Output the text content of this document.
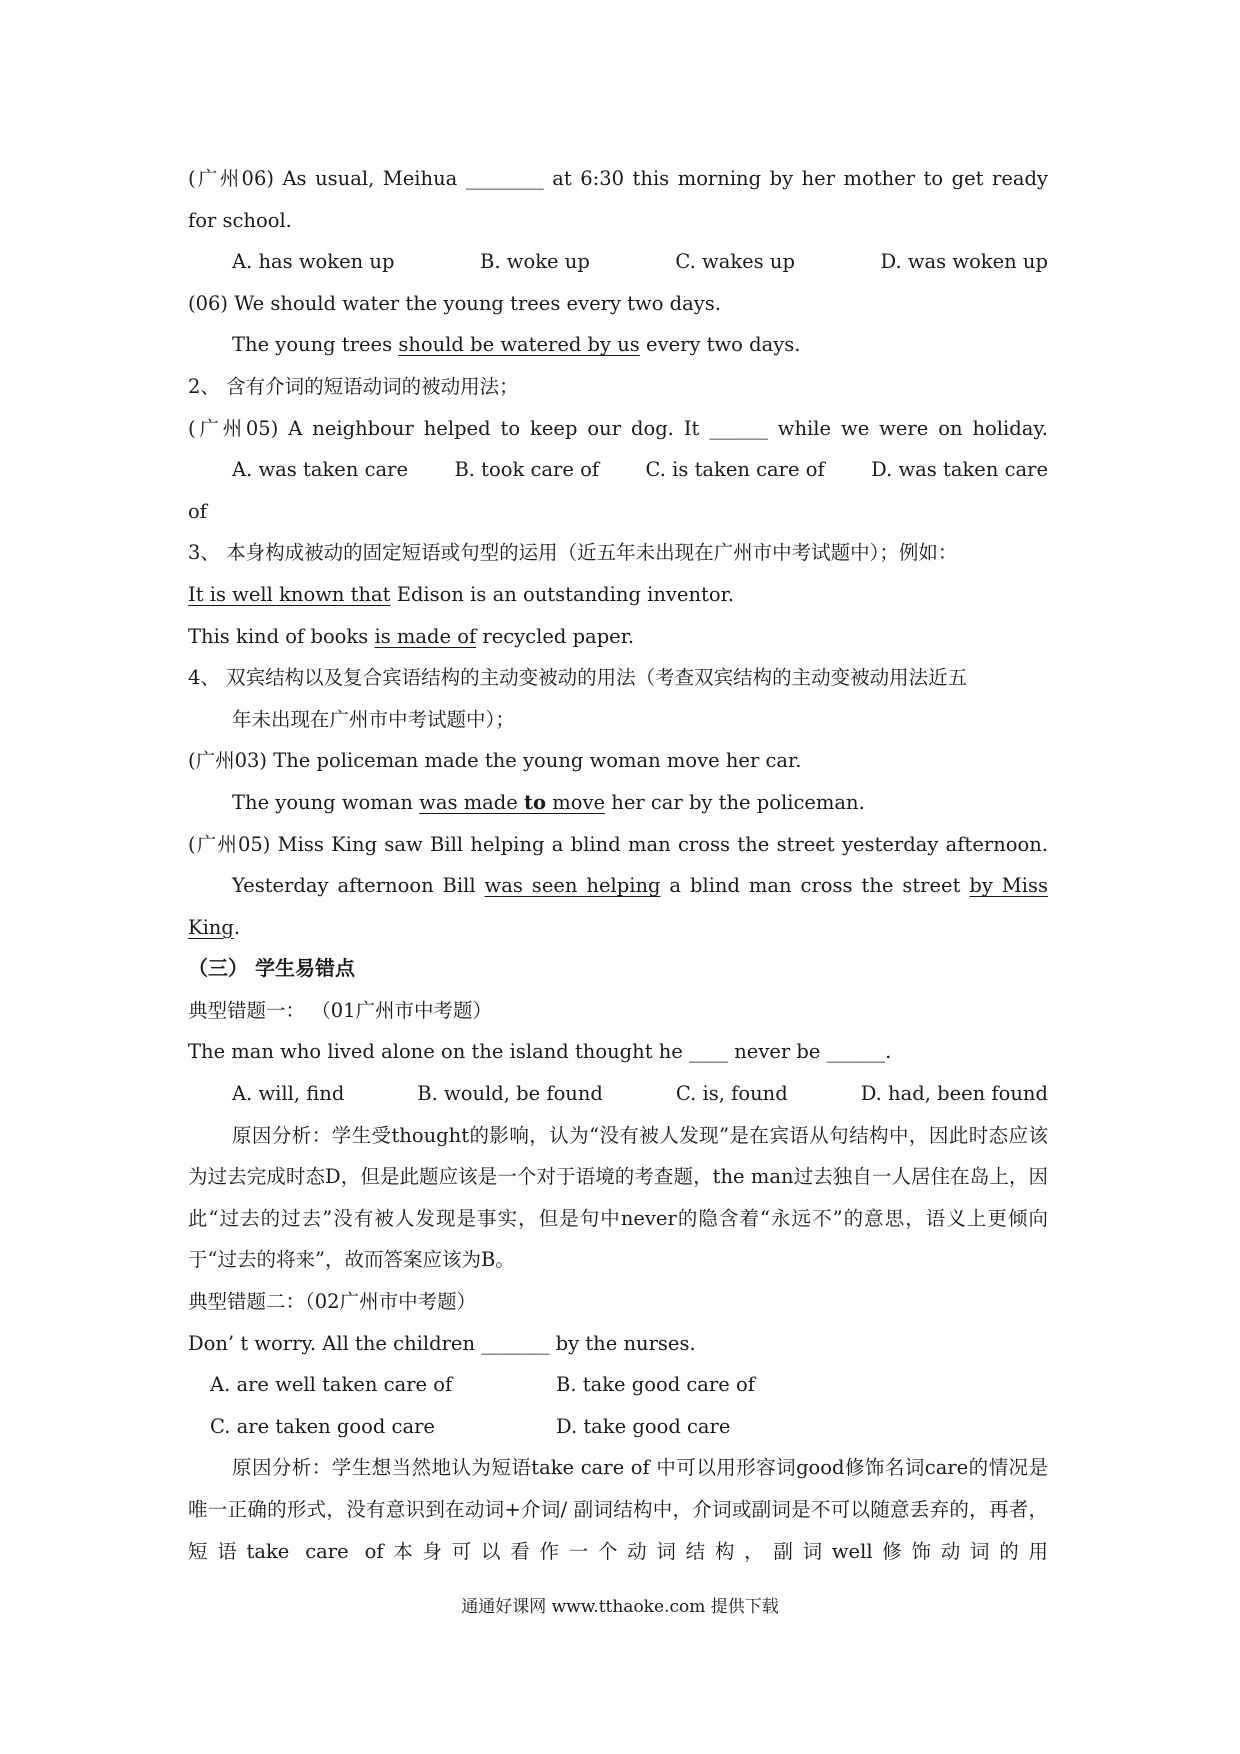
(广州06) As usual, Meihua ________ at 6:30 this morning by her mother to get ready
for school.
A. has woken up	B. woke up	C. wakes up	D. was woken up
(06) We should water the young trees every two days.
The young trees should be watered by us every two days.
2、 含有介词的短语动词的被动用法；
(广州05) A neighbour helped to keep our dog. It ______ while we were on holiday.
A. was taken care B. took care of C. is taken care of D. was taken care
of
3、 本身构成被动的固定短语或句型的运用（近五年未出现在广州市中考试题中）；例如：
It is well known that Edison is an outstanding inventor.
This kind of books is made of recycled paper.
4、 双宾结构以及复合宾语结构的主动变被动的用法（考查双宾结构的主动变被动用法近五
年未出现在广州市中考试题中）；
(广州03) The policeman made the young woman move her car.
The young woman was made to move her car by the policeman.
(广州05) Miss King saw Bill helping a blind man cross the street yesterday afternoon.
Yesterday afternoon Bill was seen helping a blind man cross the street by Miss
King.
（三） 学生易错点
典型错题一： （01广州市中考题）
The man who lived alone on the island thought he ____ never be ______.
A. will, find	B. would, be found	C. is, found	D. had, been found

原因分析：学生受thought的影响，认为“没有被人发现”是在宾语从句结构中，因此时态应该为过去完成时态D，但是此题应该是一个对于语境的考查题，the man过去独自一人居住在岛上，因此“过去的过去”没有被人发现是事实，但是句中never的隐含着“永远不”的意思，语义上更倾向于“过去的将来”，故而答案应该为B。

典型错题二：（02广州市中考题）
Don’ t worry. All the children _______ by the nurses.
A. are well taken care of	B. take good care of
C. are taken good care	D. take good care

原因分析：学生想当然地认为短语take care of 中可以用形容词good修饰名词care的情况是唯一正确的形式，没有意识到在动词+介词/ 副词结构中，介词或副词是不可以随意丢弃的，再者，短语take care of本身可以看作一个动词结构，副词well修饰动词的用

通通好课网 www.tthaoke.com 提供下载
